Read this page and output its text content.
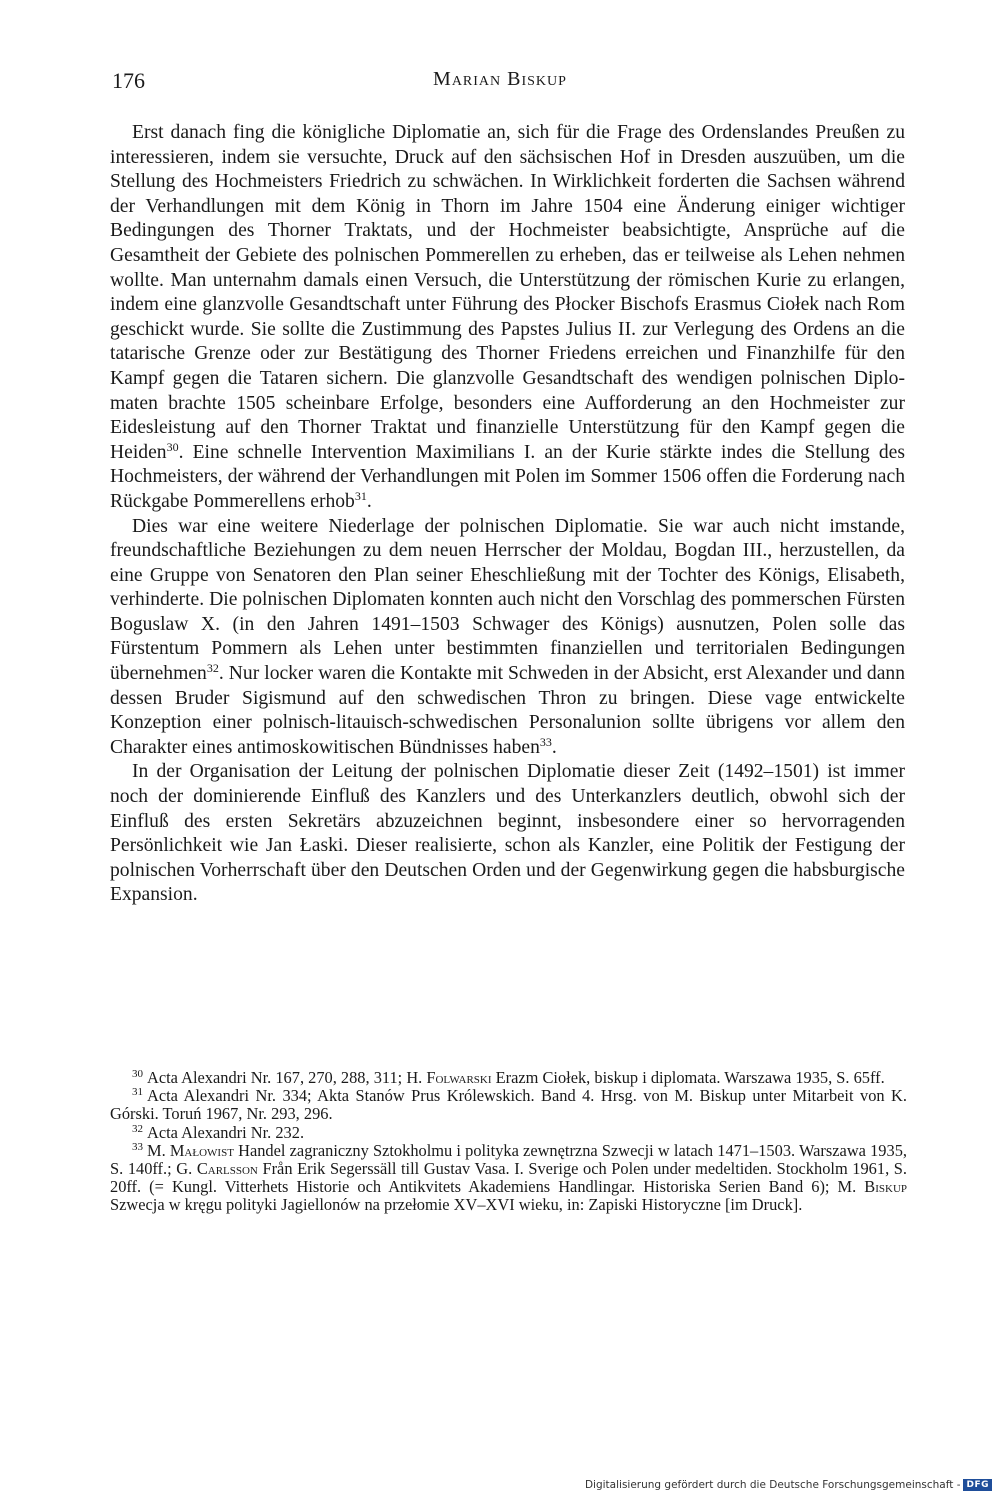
176	Marian Biskup

Erst danach fing die königliche Diplomatie an, sich für die Frage des Ordenslandes Preußen zu interessieren, indem sie versuchte, Druck auf den sächsischen Hof in Dresden auszuüben, um die Stellung des Hochmeisters Friedrich zu schwächen. In Wirklichkeit forderten die Sachsen während der Verhandlungen mit dem König in Thorn im Jahre 1504 eine Änderung einiger wichtiger Bedingungen des Thorner Traktats, und der Hochmeister beabsichtigte, Ansprüche auf die Gesamtheit der Gebiete des polnischen Pommerellen zu erheben, das er teilweise als Lehen nehmen wollte. Man unternahm damals einen Versuch, die Unterstützung der römischen Kurie zu erlangen, indem eine glanzvolle Gesandtschaft unter Führung des Płocker Bischofs Erasmus Ciołek nach Rom geschickt wurde. Sie sollte die Zustimmung des Papstes Julius II. zur Verlegung des Ordens an die tatarische Grenze oder zur Bestätigung des Thorner Friedens erreichen und Finanzhilfe für den Kampf gegen die Tataren sichern. Die glanzvolle Gesandtschaft des wendigen polnischen Diplomaten brachte 1505 scheinbare Erfolge, besonders eine Aufforderung an den Hochmeister zur Eidesleistung auf den Thorner Traktat und finanzielle Unterstützung für den Kampf gegen die Heiden$^{30}$. Eine schnelle Intervention Maximilians I. an der Kurie stärkte indes die Stellung des Hochmeisters, der während der Verhandlungen mit Polen im Sommer 1506 offen die Forderung nach Rückgabe Pommerellens erhob$^{31}$.

Dies war eine weitere Niederlage der polnischen Diplomatie. Sie war auch nicht imstande, freundschaftliche Beziehungen zu dem neuen Herrscher der Moldau, Bogdan III., herzustellen, da eine Gruppe von Senatoren den Plan seiner Eheschließung mit der Tochter des Königs, Elisabeth, verhinderte. Die polnischen Diplomaten konnten auch nicht den Vorschlag des pommerschen Fürsten Boguslaw X. (in den Jahren 1491–1503 Schwager des Königs) ausnutzen, Polen solle das Fürstentum Pommern als Lehen unter bestimmten finanziellen und territorialen Bedingungen übernehmen$^{32}$. Nur locker waren die Kontakte mit Schweden in der Absicht, erst Alexander und dann dessen Bruder Sigismund auf den schwedischen Thron zu bringen. Diese vage entwickelte Konzeption einer polnisch-litauisch-schwedischen Personalunion sollte übrigens vor allem den Charakter eines antimoskowitischen Bündnisses haben$^{33}$.

In der Organisation der Leitung der polnischen Diplomatie dieser Zeit (1492–1501) ist immer noch der dominierende Einfluß des Kanzlers und des Unterkanzlers deutlich, obwohl sich der Einfluß des ersten Sekretärs abzuzeichnen beginnt, insbesondere einer so hervorragenden Persönlichkeit wie Jan Łaski. Dieser realisierte, schon als Kanzler, eine Politik der Festigung der polnischen Vorherrschaft über den Deutschen Orden und der Gegenwirkung gegen die habsburgische Expansion.

$^{30}$ Acta Alexandri Nr. 167, 270, 288, 311; H. Folwarski Erazm Ciołek, biskup i diplomata. Warszawa 1935, S. 65ff.

$^{31}$ Acta Alexandri Nr. 334; Akta Stanów Prus Królewskich. Band 4. Hrsg. von M. Biskup unter Mitarbeit von K. Górski. Toruń 1967, Nr. 293, 296.

$^{32}$ Acta Alexandri Nr. 232.

$^{33}$ M. Małowist Handel zagraniczny Sztokholmu i polityka zewnętrzna Szwecji w latach 1471–1503. Warszawa 1935, S. 140ff.; G. Carlsson Från Erik Segerssäll till Gustav Vasa. I. Sverige och Polen under medeltiden. Stockholm 1961, S. 20ff. (= Kungl. Vitterhets Historie och Antikvitets Akademiens Handlingar. Historiska Serien Band 6); M. Biskup Szwecja w kręgu polityki Jagiellonów na przełomie XV–XVI wieku, in: Zapiski Historyczne [im Druck].

Digitalisierung gefördert durch die Deutsche Forschungsgemeinschaft - DFG
